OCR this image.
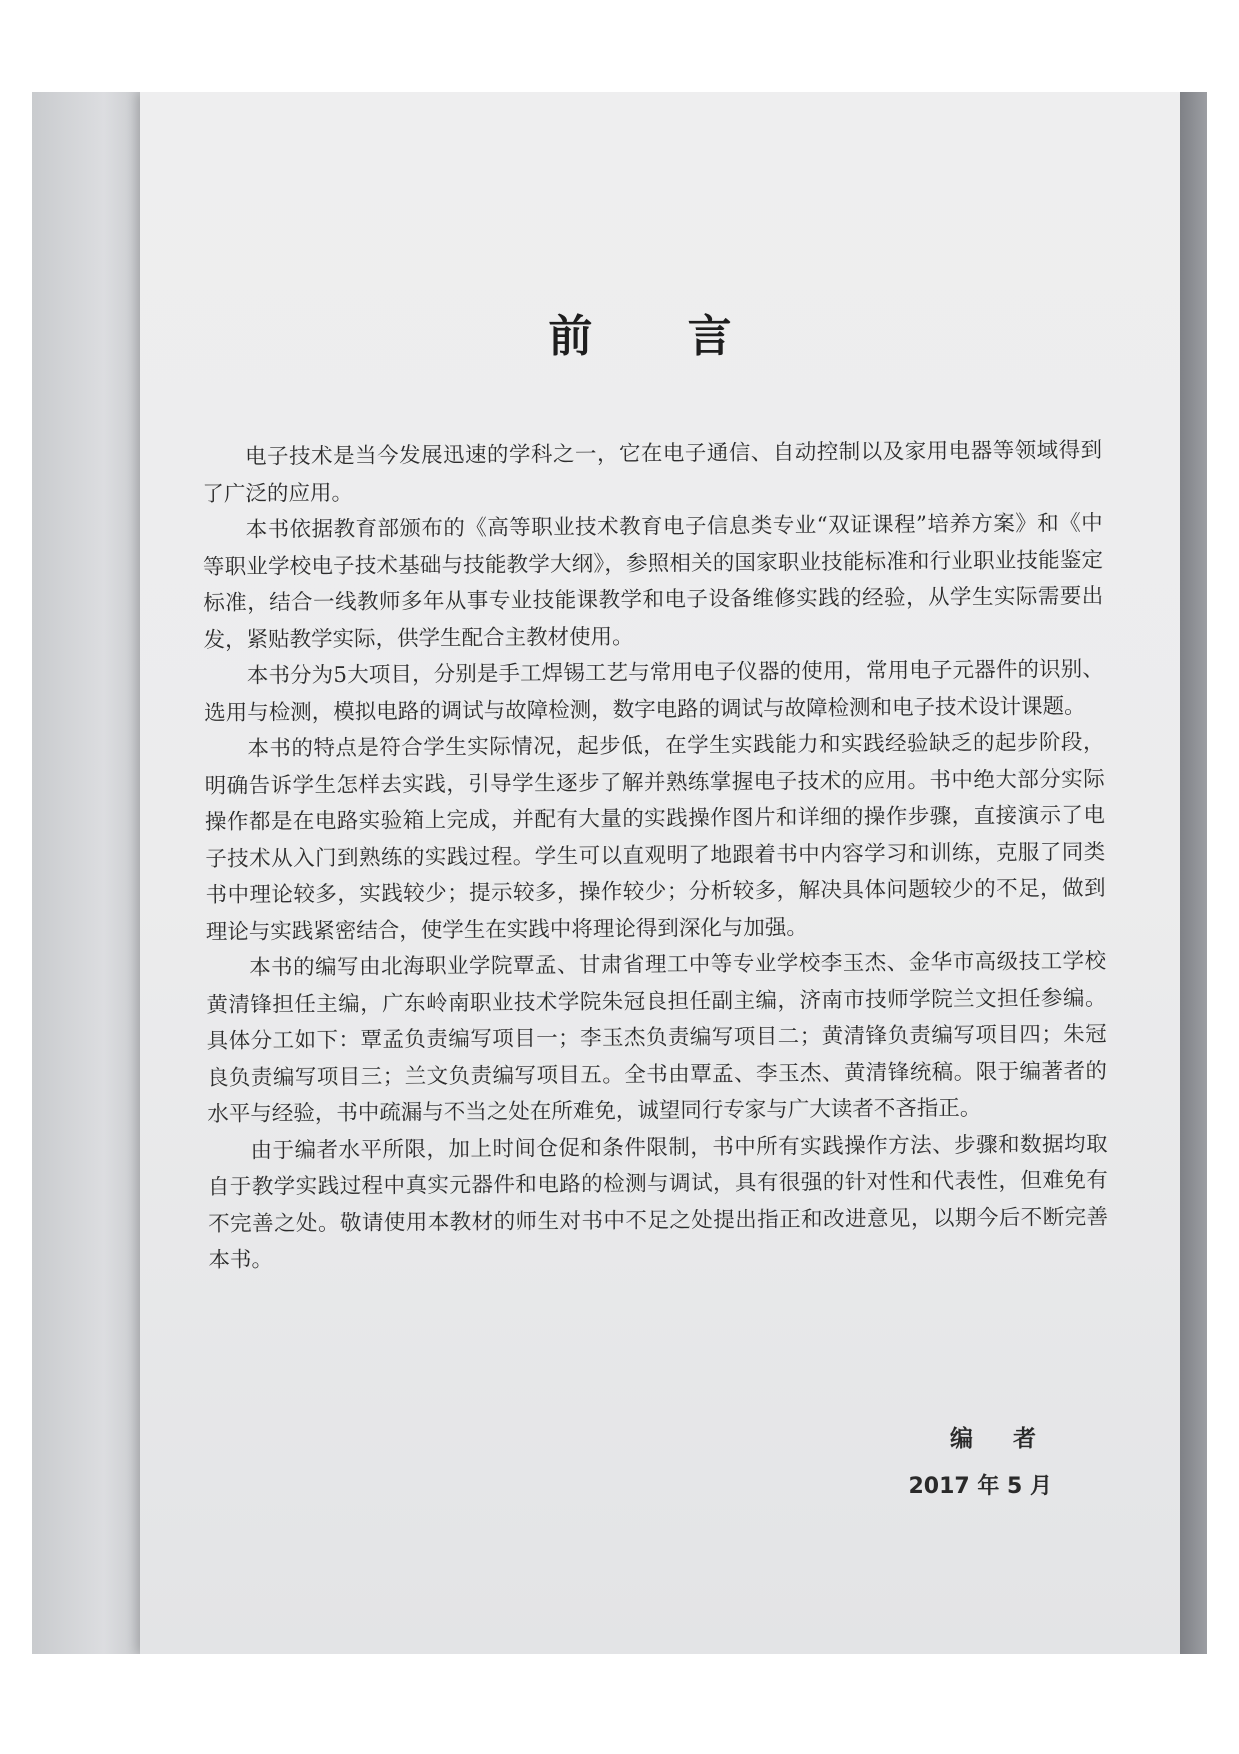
前 言

电子技术是当今发展迅速的学科之一，它在电子通信、自动控制以及家用电器等领域得到了广泛的应用。

本书依据教育部颁布的《高等职业技术教育电子信息类专业“双证课程”培养方案》和《中等职业学校电子技术基础与技能教学大纲》，参照相关的国家职业技能标准和行业职业技能鉴定标准，结合一线教师多年从事专业技能课教学和电子设备维修实践的经验，从学生实际需要出发，紧贴教学实际，供学生配合主教材使用。

本书分为5大项目，分别是手工焊锡工艺与常用电子仪器的使用，常用电子元器件的识别、选用与检测，模拟电路的调试与故障检测，数字电路的调试与故障检测和电子技术设计课题。

本书的特点是符合学生实际情况，起步低，在学生实践能力和实践经验缺乏的起步阶段，明确告诉学生怎样去实践，引导学生逐步了解并熟练掌握电子技术的应用。书中绝大部分实际操作都是在电路实验箱上完成，并配有大量的实践操作图片和详细的操作步骤，直接演示了电子技术从入门到熟练的实践过程。学生可以直观明了地跟着书中内容学习和训练，克服了同类书中理论较多，实践较少；提示较多，操作较少；分析较多，解决具体问题较少的不足，做到理论与实践紧密结合，使学生在实践中将理论得到深化与加强。

本书的编写由北海职业学院覃孟、甘肃省理工中等专业学校李玉杰、金华市高级技工学校黄清锋担任主编，广东岭南职业技术学院朱冠良担任副主编，济南市技师学院兰文担任参编。具体分工如下：覃孟负责编写项目一；李玉杰负责编写项目二；黄清锋负责编写项目四；朱冠良负责编写项目三；兰文负责编写项目五。全书由覃孟、李玉杰、黄清锋统稿。限于编著者的水平与经验，书中疏漏与不当之处在所难免，诚望同行专家与广大读者不吝指正。

由于编者水平所限，加上时间仓促和条件限制，书中所有实践操作方法、步骤和数据均取自于教学实践过程中真实元器件和电路的检测与调试，具有很强的针对性和代表性，但难免有不完善之处。敬请使用本教材的师生对书中不足之处提出指正和改进意见，以期今后不断完善本书。

编 者
2017 年 5 月
